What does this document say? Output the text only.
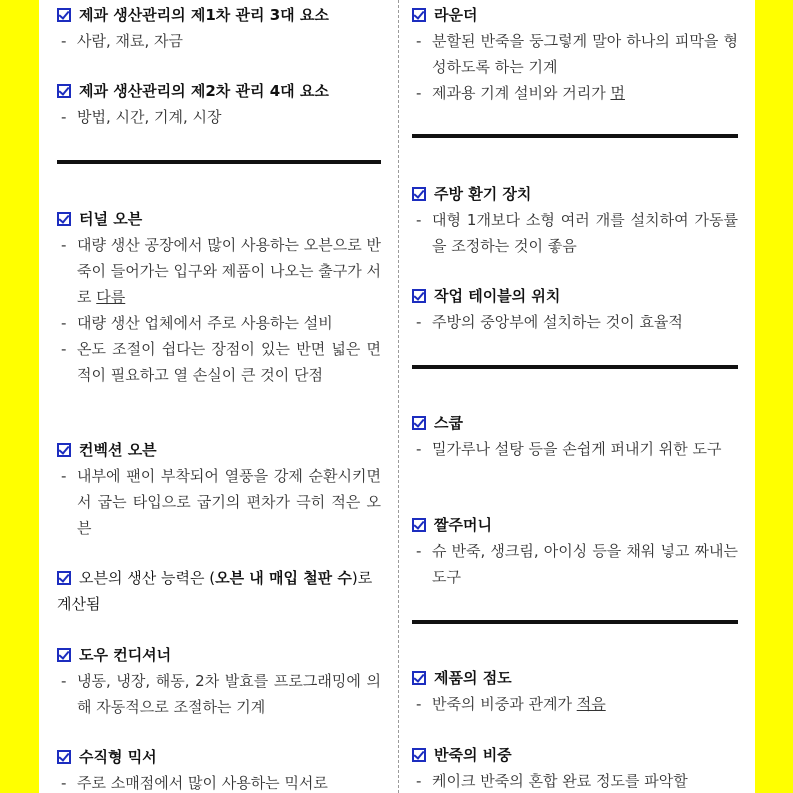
제과 생산관리의 제1차 관리 3대 요소
- 사람, 재료, 자금
제과 생산관리의 제2차 관리 4대 요소
- 방법, 시간, 기계, 시장
터널 오븐
- 대량 생산 공장에서 많이 사용하는 오븐으로 반죽이 들어가는 입구와 제품이 나오는 출구가 서로 다름
- 대량 생산 업체에서 주로 사용하는 설비
- 온도 조절이 쉽다는 장점이 있는 반면 넓은 면적이 필요하고 열 손실이 큰 것이 단점
컨벡션 오븐
- 내부에 팬이 부착되어 열풍을 강제 순환시키면서 굽는 타입으로 굽기의 편차가 극히 적은 오븐
오븐의 생산 능력은 (오븐 내 매입 철판 수)로 계산됨
도우 컨디셔너
- 냉동, 냉장, 해동, 2차 발효를 프로그래밍에 의해 자동적으로 조절하는 기계
수직형 믹서
- 주로 소매점에서 많이 사용하는 믹서로
라운더
- 분할된 반죽을 둥그렇게 말아 하나의 피막을 형성하도록 하는 기계
- 제과용 기계 설비와 거리가 멈
주방 환기 장치
- 대형 1개보다 소형 여러 개를 설치하여 가동률을 조정하는 것이 좋음
작업 테이블의 위치
- 주방의 중앙부에 설치하는 것이 효율적
스쿱
- 밀가루나 설탕 등을 손쉽게 퍼내기 위한 도구
짤주머니
- 슈 반죽, 생크림, 아이싱 등을 채워 넣고 짜내는 도구
제품의 점도
- 반죽의 비중과 관계가 적음
반죽의 비중
- 케이크 반죽의 혼합 완료 정도를 파악할
